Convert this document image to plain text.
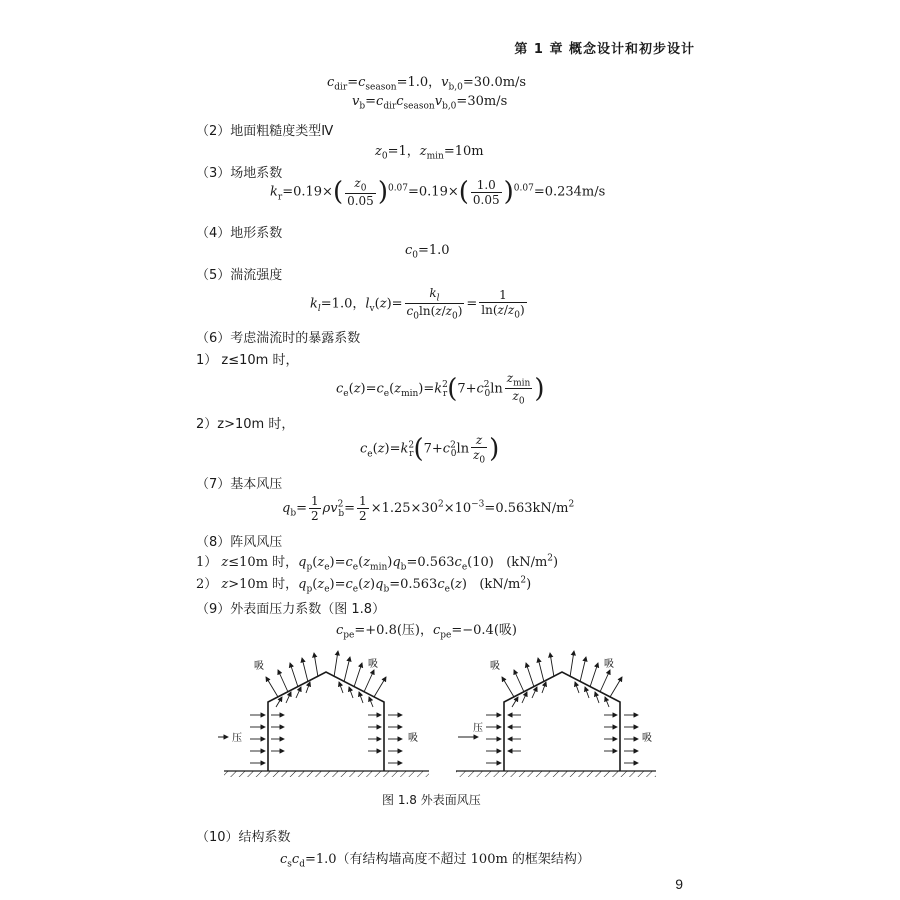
第 1 章 概念设计和初步设计
$c_{dir}=c_{season}=1.0$，$v_{b,0}=30.0m/s$
$v_b=c_{dir}c_{season}v_{b,0}=30m/s$
（2）地面粗糙度类型Ⅳ
$z_0=1$，$z_{min}=10m$
（3）场地系数
$k_r=0.19\times( \frac{z_0}{0.05} )^{0.07}=0.19\times( \frac{1.0}{0.05} )^{0.07}=0.234m/s$
（4）地形系数
$c_0=1.0$
（5）湍流强度
$k_l=1.0$，$l_v(z)= \frac{k_l}{c_0\ln(z/z_0)} = \frac{1}{\ln(z/z_0)}$
（6）考虑湍流时的暴露系数
1） z≤10m 时，
$c_e(z)=c_e(z_{min})=k^2_r(7+c^2_0\ln \frac{z_{min}}{z_0}$ )
2）z>10m 时，
$c_e(z)=k^2_r(7+c^2_0\ln \frac{z}{z_0}$ )
（7）基本风压
$q_b= \frac{1}{2} \rho v^2_b= \frac{1}{2} \times 1.25\times 30^2\times 10^{-3}=0.563kN/m^2$
（8）阵风风压
1） z≤10m 时，$q_p(z_e)=c_e(z_{min})q_b=0.563c_e(10)$   $(kN/m^2)$
2） z>10m 时，$q_p(z_e)=c_e(z)q_b=0.563c_e(z)$   $(kN/m^2)$
（9）外表面压力系数（图 1.8）
$c_{pe}=+0.8$(压)，$c_{pe}=-0.4$(吸)
吸	吸
压	吸
吸	吸
压
吸
图 1.8 外表面风压
（10）结构系数
$c_sc_d=1.0$（有结构墙高度不超过 100m 的框架结构）
9
